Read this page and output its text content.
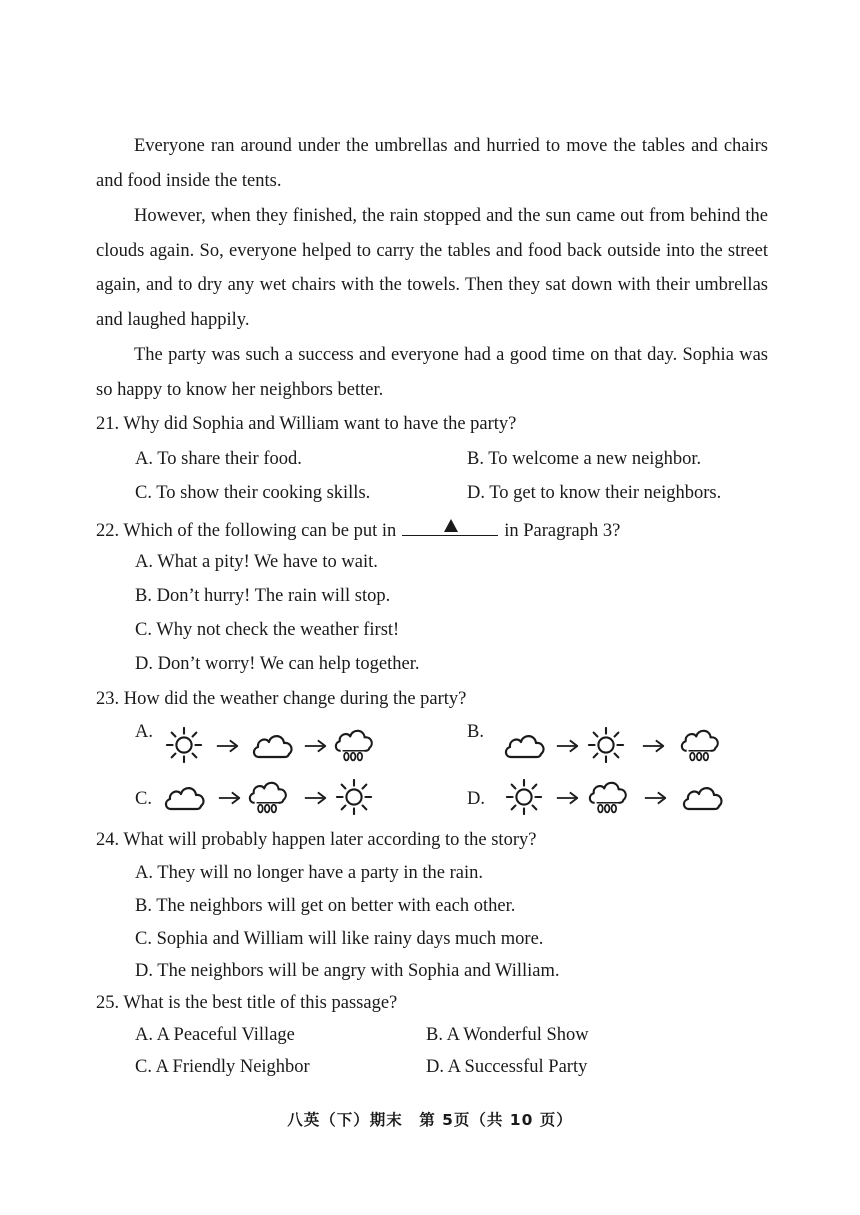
Everyone ran around under the umbrellas and hurried to move the tables and chairs and food inside the tents.
However, when they finished, the rain stopped and the sun came out from behind the clouds again. So, everyone helped to carry the tables and food back outside into the street again, and to dry any wet chairs with the towels. Then they sat down with their umbrellas and laughed happily.
The party was such a success and everyone had a good time on that day. Sophia was so happy to know her neighbors better.
21. Why did Sophia and William want to have the party?
A. To share their food.	B. To welcome a new neighbor.
C. To show their cooking skills.	D. To get to know their neighbors.
22. Which of the following can be put in	in Paragraph 3?
A. What a pity! We have to wait.
B. Don’t hurry! The rain will stop.
C. Why not check the weather first!
D. Don’t worry! We can help together.
23. How did the weather change during the party?
A.	B.
C.	D.
24. What will probably happen later according to the story?
A. They will no longer have a party in the rain.
B. The neighbors will get on better with each other.
C. Sophia and William will like rainy days much more.
D. The neighbors will be angry with Sophia and William.
25. What is the best title of this passage?
A. A Peaceful Village	B. A Wonderful Show
C. A Friendly Neighbor	D. A Successful Party
八英（下）期末　第 5页（共 10 页）
